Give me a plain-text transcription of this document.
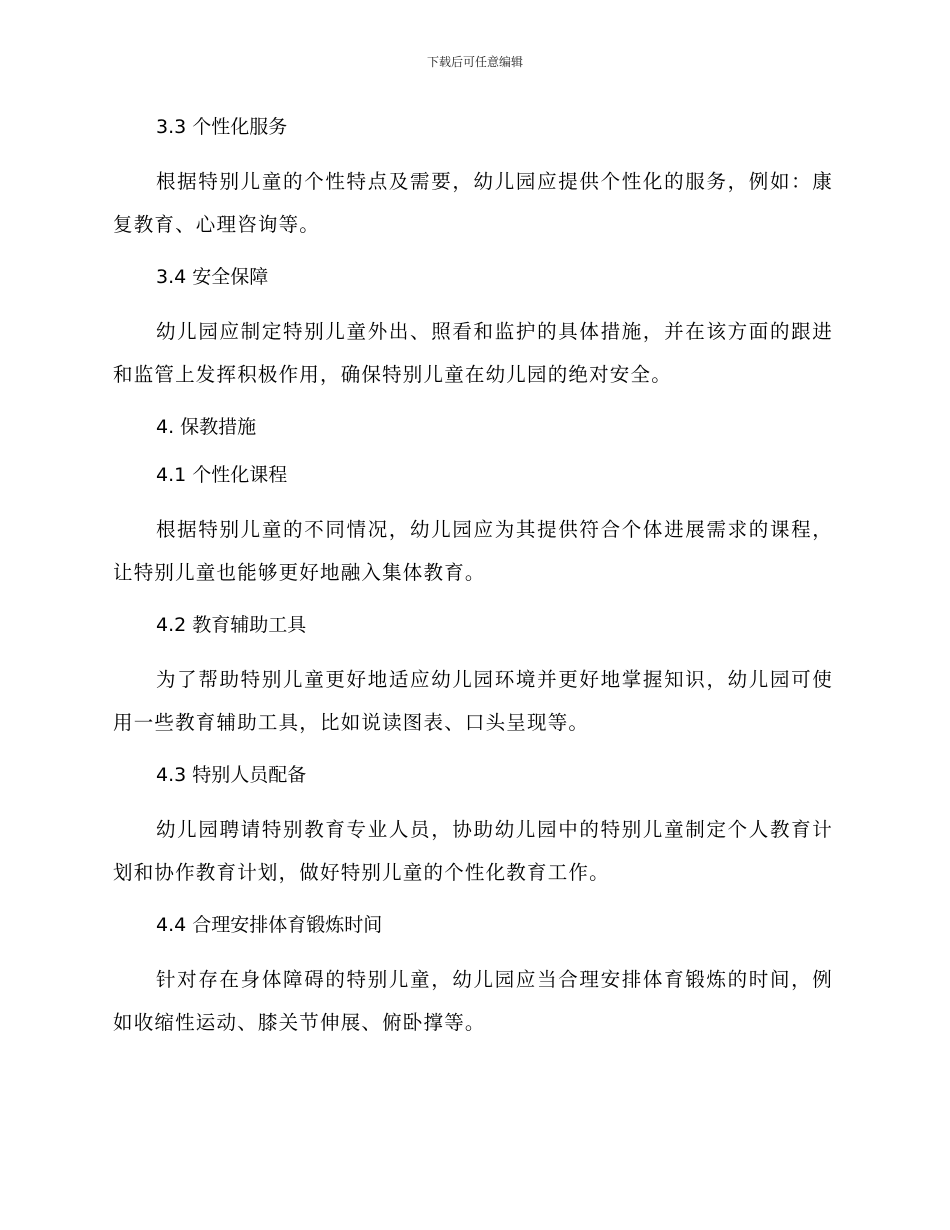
下载后可任意编辑
3.3 个性化服务

根据特别儿童的个性特点及需要，幼儿园应提供个性化的服务，例如：康复教育、心理咨询等。

3.4 安全保障

幼儿园应制定特别儿童外出、照看和监护的具体措施，并在该方面的跟进和监管上发挥积极作用，确保特别儿童在幼儿园的绝对安全。

4. 保教措施
4.1 个性化课程

根据特别儿童的不同情况，幼儿园应为其提供符合个体进展需求的课程，让特别儿童也能够更好地融入集体教育。

4.2 教育辅助工具

为了帮助特别儿童更好地适应幼儿园环境并更好地掌握知识，幼儿园可使用一些教育辅助工具，比如说读图表、口头呈现等。

4.3 特别人员配备

幼儿园聘请特别教育专业人员，协助幼儿园中的特别儿童制定个人教育计划和协作教育计划，做好特别儿童的个性化教育工作。

4.4 合理安排体育锻炼时间

针对存在身体障碍的特别儿童，幼儿园应当合理安排体育锻炼的时间，例如收缩性运动、膝关节伸展、俯卧撑等。
